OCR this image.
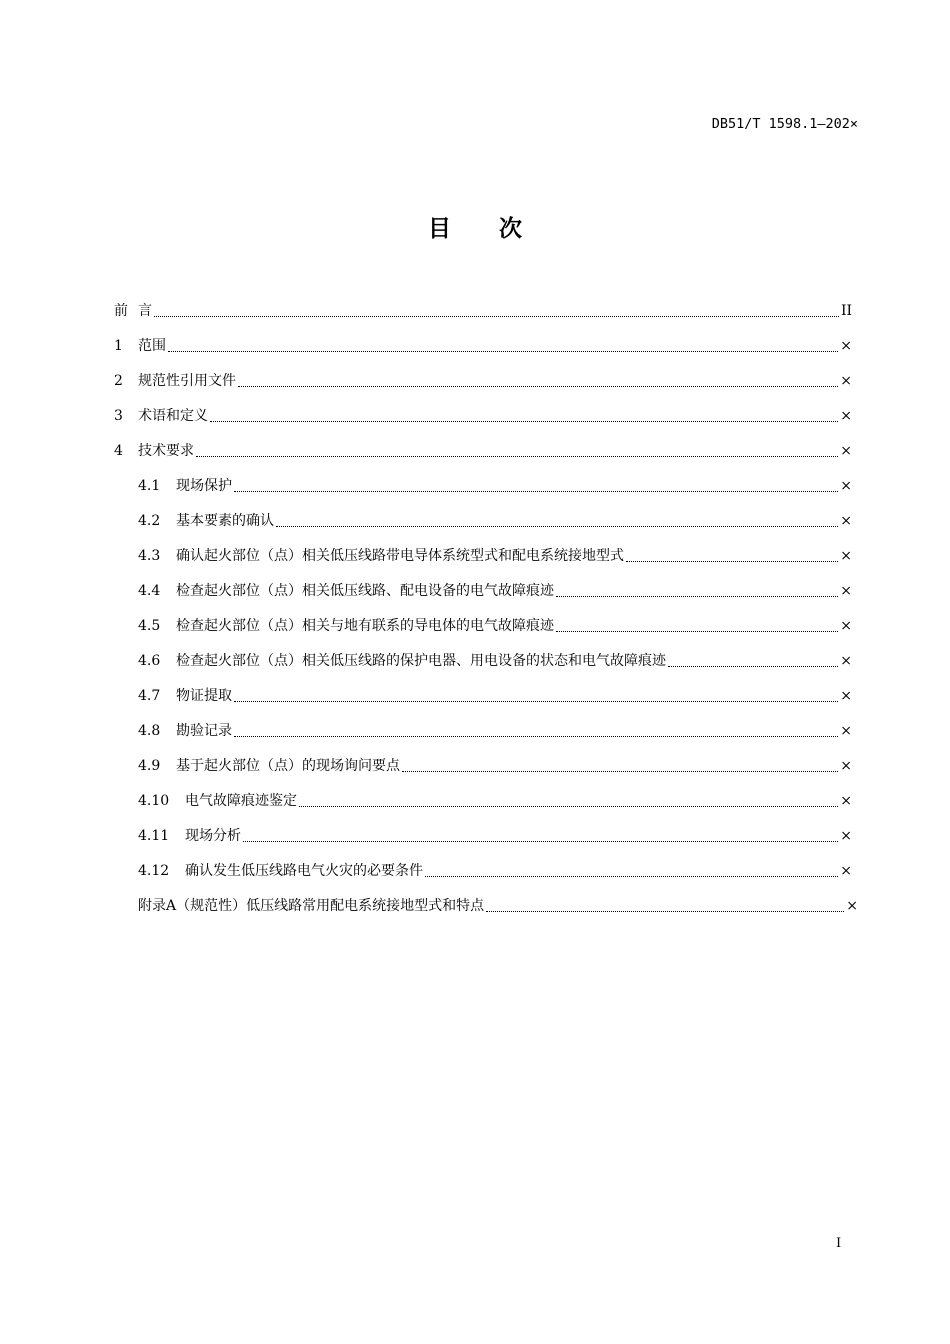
DB51/T 1598.1—202×
目 次
前 言	II
1	范围	×
2	规范性引用文件	×
3	术语和定义	×
4	技术要求	×
4.1	现场保护	×
4.2	基本要素的确认	×
4.3	确认起火部位（点）相关低压线路带电导体系统型式和配电系统接地型式	×
4.4	检查起火部位（点）相关低压线路、配电设备的电气故障痕迹	×
4.5	检查起火部位（点）相关与地有联系的导电体的电气故障痕迹	×
4.6	检查起火部位（点）相关低压线路的保护电器、用电设备的状态和电气故障痕迹	×
4.7	物证提取	×
4.8	勘验记录	×
4.9	基于起火部位（点）的现场询问要点	×
4.10	电气故障痕迹鉴定	×
4.11	现场分析	×
4.12	确认发生低压线路电气火灾的必要条件	×
附录A（规范性）低压线路常用配电系统接地型式和特点	×
I
